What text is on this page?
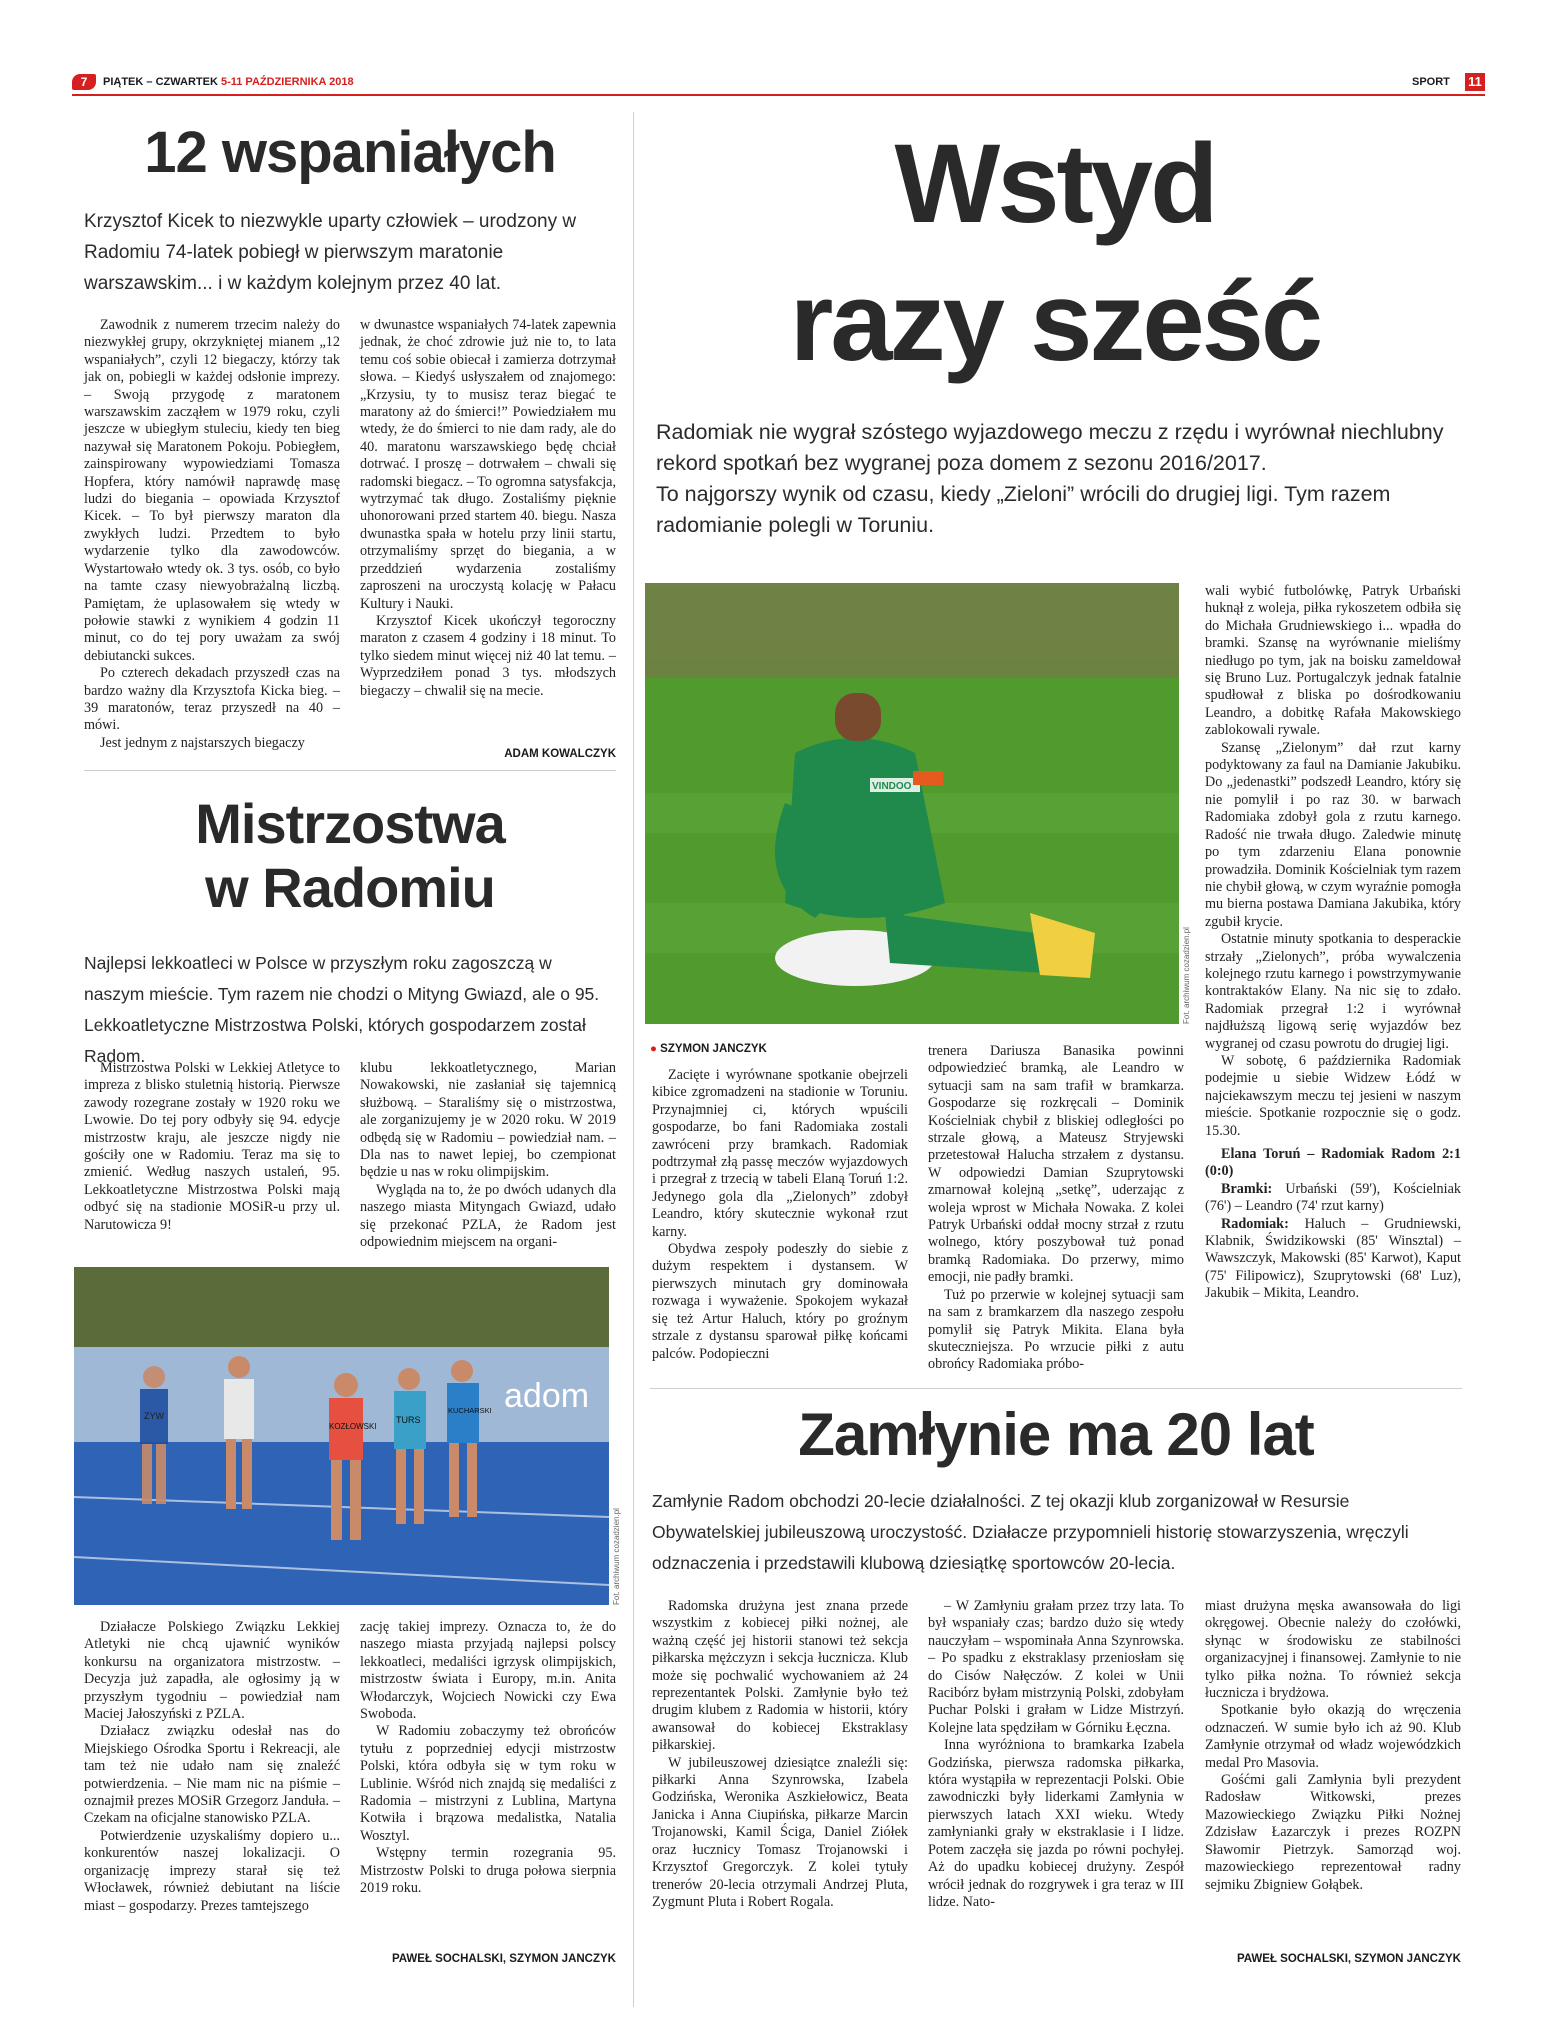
7	PIĄTEK – CZWARTEK 5-11 PAŹDZIERNIKA 2018	SPORT 11
12 wspaniałych
Krzysztof Kicek to niezwykle uparty człowiek – urodzony w Radomiu 74-latek pobiegł w pierwszym maratonie warszawskim... i w każdym kolejnym przez 40 lat.

Zawodnik z numerem trzecim należy do niezwykłej grupy, okrzykniętej mianem „12 wspaniałych”, czyli 12 biegaczy, którzy tak jak on, pobiegli w każdej odsłonie imprezy. – Swoją przygodę z maratonem warszawskim zacząłem w 1979 roku, czyli jeszcze w ubiegłym stuleciu, kiedy ten bieg nazywał się Maratonem Pokoju. Pobiegłem, zainspirowany wypowiedziami Tomasza Hopfera, który namówił naprawdę masę ludzi do biegania – opowiada Krzysztof Kicek. – To był pierwszy maraton dla zwykłych ludzi. Przedtem to było wydarzenie tylko dla zawodowców. Wystartowało wtedy ok. 3 tys. osób, co było na tamte czasy niewyobrażalną liczbą. Pamiętam, że uplasowałem się wtedy w połowie stawki z wynikiem 4 godzin 11 minut, co do tej pory uważam za swój debiutancki sukces.

Po czterech dekadach przyszedł czas na bardzo ważny dla Krzysztofa Kicka bieg. – 39 maratonów, teraz przyszedł na 40 – mówi.

Jest jednym z najstarszych biegaczy

w dwunastce wspaniałych 74-latek zapewnia jednak, że choć zdrowie już nie to, to lata temu coś sobie obiecał i zamierza dotrzymał słowa. – Kiedyś usłyszałem od znajomego: „Krzysiu, ty to musisz teraz biegać te maratony aż do śmierci!” Powiedziałem mu wtedy, że do śmierci to nie dam rady, ale do 40. maratonu warszawskiego będę chciał dotrwać. I proszę – dotrwałem – chwali się radomski biegacz. – To ogromna satysfakcja, wytrzymać tak długo. Zostaliśmy pięknie uhonorowani przed startem 40. biegu. Nasza dwunastka spała w hotelu przy linii startu, otrzymaliśmy sprzęt do biegania, a w przeddzień wydarzenia zostaliśmy zaproszeni na uroczystą kolację w Pałacu Kultury i Nauki.

Krzysztof Kicek ukończył tegoroczny maraton z czasem 4 godziny i 18 minut. To tylko siedem minut więcej niż 40 lat temu. – Wyprzedziłem ponad 3 tys. młodszych biegaczy – chwalił się na mecie.

ADAM KOWALCZYK
Mistrzostwa
w Radomiu
Najlepsi lekkoatleci w Polsce w przyszłym roku zagoszczą w naszym mieście. Tym razem nie chodzi o Mityng Gwiazd, ale o 95. Lekkoatletyczne Mistrzostwa Polski, których gospodarzem został Radom.

Mistrzostwa Polski w Lekkiej Atletyce to impreza z blisko stuletnią historią. Pierwsze zawody rozegrane zostały w 1920 roku we Lwowie. Do tej pory odbyły się 94. edycje mistrzostw kraju, ale jeszcze nigdy nie gościły one w Radomiu. Teraz ma się to zmienić. Według naszych ustaleń, 95. Lekkoatletyczne Mistrzostwa Polski mają odbyć się na stadionie MOSiR-u przy ul. Narutowicza 9!

klubu lekkoatletycznego, Marian Nowakowski, nie zasłaniał się tajemnicą służbową. – Staraliśmy się o mistrzostwa, ale zorganizujemy je w 2020 roku. W 2019 odbędą się w Radomiu – powiedział nam. – Dla nas to nawet lepiej, bo czempionat będzie u nas w roku olimpijskim.

Wygląda na to, że po dwóch udanych dla naszego miasta Mityngach Gwiazd, udało się przekonać PZLA, że Radom jest odpowiednim miejscem na organi-

adom
ZYW
KOZŁOWSKI
TURS
KUCHARSKI
Fot. archiwum cozadzien.pl

Działacze Polskiego Związku Lekkiej Atletyki nie chcą ujawnić wyników konkursu na organizatora mistrzostw. – Decyzja już zapadła, ale ogłosimy ją w przyszłym tygodniu – powiedział nam Maciej Jałoszyński z PZLA.

Działacz związku odesłał nas do Miejskiego Ośrodka Sportu i Rekreacji, ale tam też nie udało nam się znaleźć potwierdzenia. – Nie mam nic na piśmie – oznajmił prezes MOSiR Grzegorz Janduła. – Czekam na oficjalne stanowisko PZLA.

Potwierdzenie uzyskaliśmy dopiero u... konkurentów naszej lokalizacji. O organizację imprezy starał się też Włocławek, również debiutant na liście miast – gospodarzy. Prezes tamtejszego

zację takiej imprezy. Oznacza to, że do naszego miasta przyjadą najlepsi polscy lekkoatleci, medaliści igrzysk olimpijskich, mistrzostw świata i Europy, m.in. Anita Włodarczyk, Wojciech Nowicki czy Ewa Swoboda.

W Radomiu zobaczymy też obrońców tytułu z poprzedniej edycji mistrzostw Polski, która odbyła się w tym roku w Lublinie. Wśród nich znajdą się medaliści z Radomia – mistrzyni z Lublina, Martyna Kotwiła i brązowa medalistka, Natalia Wosztyl.

Wstępny termin rozegrania 95. Mistrzostw Polski to druga połowa sierpnia 2019 roku.

PAWEŁ SOCHALSKI, SZYMON JANCZYK
Wstyd
razy sześć
Radomiak nie wygrał szóstego wyjazdowego meczu z rzędu i wyrównał niechlubny rekord spotkań bez wygranej poza domem z sezonu 2016/2017.
To najgorszy wynik od czasu, kiedy „Zieloni” wrócili do drugiej ligi. Tym razem radomianie polegli w Toruniu.
VINDOO
Fot. archiwum cozadzien.pl
● SZYMON JANCZYK

Zacięte i wyrównane spotkanie obejrzeli kibice zgromadzeni na stadionie w Toruniu. Przynajmniej ci, których wpuścili gospodarze, bo fani Radomiaka zostali zawróceni przy bramkach. Radomiak podtrzymał złą passę meczów wyjazdowych i przegrał z trzecią w tabeli Elaną Toruń 1:2. Jedynego gola dla „Zielonych” zdobył Leandro, który skutecznie wykonał rzut karny.

Obydwa zespoły podeszły do siebie z dużym respektem i dystansem. W pierwszych minutach gry dominowała rozwaga i wyważenie. Spokojem wykazał się też Artur Haluch, który po groźnym strzale z dystansu sparował piłkę końcami palców. Podopieczni

trenera Dariusza Banasika powinni odpowiedzieć bramką, ale Leandro w sytuacji sam na sam trafił w bramkarza. Gospodarze się rozkręcali – Dominik Kościelniak chybił z bliskiej odległości po strzale głową, a Mateusz Stryjewski przetestował Halucha strzałem z dystansu. W odpowiedzi Damian Szuprytowski zmarnował kolejną „setkę”, uderzając z woleja wprost w Michała Nowaka. Z kolei Patryk Urbański oddał mocny strzał z rzutu wolnego, który poszybował tuż ponad bramką Radomiaka. Do przerwy, mimo emocji, nie padły bramki.

Tuż po przerwie w kolejnej sytuacji sam na sam z bramkarzem dla naszego zespołu pomylił się Patryk Mikita. Elana była skuteczniejsza. Po wrzucie piłki z autu obrońcy Radomiaka próbo-

wali wybić futbolówkę, Patryk Urbański huknął z woleja, piłka rykoszetem odbiła się do Michała Grudniewskiego i... wpadła do bramki. Szansę na wyrównanie mieliśmy niedługo po tym, jak na boisku zameldował się Bruno Luz. Portugalczyk jednak fatalnie spudłował z bliska po dośrodkowaniu Leandro, a dobitkę Rafała Makowskiego zablokowali rywale.

Szansę „Zielonym” dał rzut karny podyktowany za faul na Damianie Jakubiku. Do „jedenastki” podszedł Leandro, który się nie pomylił i po raz 30. w barwach Radomiaka zdobył gola z rzutu karnego. Radość nie trwała długo. Zaledwie minutę po tym zdarzeniu Elana ponownie prowadziła. Dominik Kościelniak tym razem nie chybił głową, w czym wyraźnie pomogła mu bierna postawa Damiana Jakubika, który zgubił krycie.

Ostatnie minuty spotkania to desperackie strzały „Zielonych”, próba wywalczenia kolejnego rzutu karnego i powstrzymywanie kontraktaków Elany. Na nic się to zdało. Radomiak przegrał 1:2 i wyrównał najdłuższą ligową serię wyjazdów bez wygranej od czasu powrotu do drugiej ligi.

W sobotę, 6 października Radomiak podejmie u siebie Widzew Łódź w najciekawszym meczu tej jesieni w naszym mieście. Spotkanie rozpocznie się o godz. 15.30.

Elana Toruń – Radomiak Radom 2:1 (0:0)

Bramki: Urbański (59'), Kościelniak (76') – Leandro (74' rzut karny)

Radomiak: Haluch – Grudniewski, Klabnik, Świdzikowski (85' Winsztal) – Wawszczyk, Makowski (85' Karwot), Kaput (75' Filipowicz), Szuprytowski (68' Luz), Jakubik – Mikita, Leandro.

Zamłynie ma 20 lat
Zamłynie Radom obchodzi 20-lecie działalności. Z tej okazji klub zorganizował w Resursie Obywatelskiej jubileuszową uroczystość. Działacze przypomnieli historię stowarzyszenia, wręczyli odznaczenia i przedstawili klubową dziesiątkę sportowców 20-lecia.

Radomska drużyna jest znana przede wszystkim z kobiecej piłki nożnej, ale ważną część jej historii stanowi też sekcja piłkarska mężczyzn i sekcja łucznicza. Klub może się pochwalić wychowaniem aż 24 reprezentantek Polski. Zamłynie było też drugim klubem z Radomia w historii, który awansował do kobiecej Ekstraklasy piłkarskiej.

W jubileuszowej dziesiątce znaleźli się: piłkarki Anna Szynrowska, Izabela Godzińska, Weronika Aszkiełowicz, Beata Janicka i Anna Ciupińska, piłkarze Marcin Trojanowski, Kamil Ściga, Daniel Ziółek oraz łucznicy Tomasz Trojanowski i Krzysztof Gregorczyk. Z kolei tytuły trenerów 20-lecia otrzymali Andrzej Pluta, Zygmunt Pluta i Robert Rogala.

– W Zamłyniu grałam przez trzy lata. To był wspaniały czas; bardzo dużo się wtedy nauczyłam – wspominała Anna Szynrowska. – Po spadku z ekstraklasy przeniosłam się do Cisów Nałęczów. Z kolei w Unii Racibórz byłam mistrzynią Polski, zdobyłam Puchar Polski i grałam w Lidze Mistrzyń. Kolejne lata spędziłam w Górniku Łęczna.

Inna wyróżniona to bramkarka Izabela Godzińska, pierwsza radomska piłkarka, która wystąpiła w reprezentacji Polski. Obie zawodniczki były liderkami Zamłynia w pierwszych latach XXI wieku. Wtedy zamłynianki grały w ekstraklasie i I lidze. Potem zaczęła się jazda po równi pochyłej. Aż do upadku kobiecej drużyny. Zespół wrócił jednak do rozgrywek i gra teraz w III lidze. Nato-

miast drużyna męska awansowała do ligi okręgowej. Obecnie należy do czołówki, słynąc w środowisku ze stabilności organizacyjnej i finansowej. Zamłynie to nie tylko piłka nożna. To również sekcja łucznicza i brydżowa.

Spotkanie było okazją do wręczenia odznaczeń. W sumie było ich aż 90. Klub Zamłynie otrzymał od władz wojewódzkich medal Pro Masovia.

Gośćmi gali Zamłynia byli prezydent Radosław Witkowski, prezes Mazowieckiego Związku Piłki Nożnej Zdzisław Łazarczyk i prezes ROZPN Sławomir Pietrzyk. Samorząd woj. mazowieckiego reprezentował radny sejmiku Zbigniew Gołąbek.

PAWEŁ SOCHALSKI, SZYMON JANCZYK
